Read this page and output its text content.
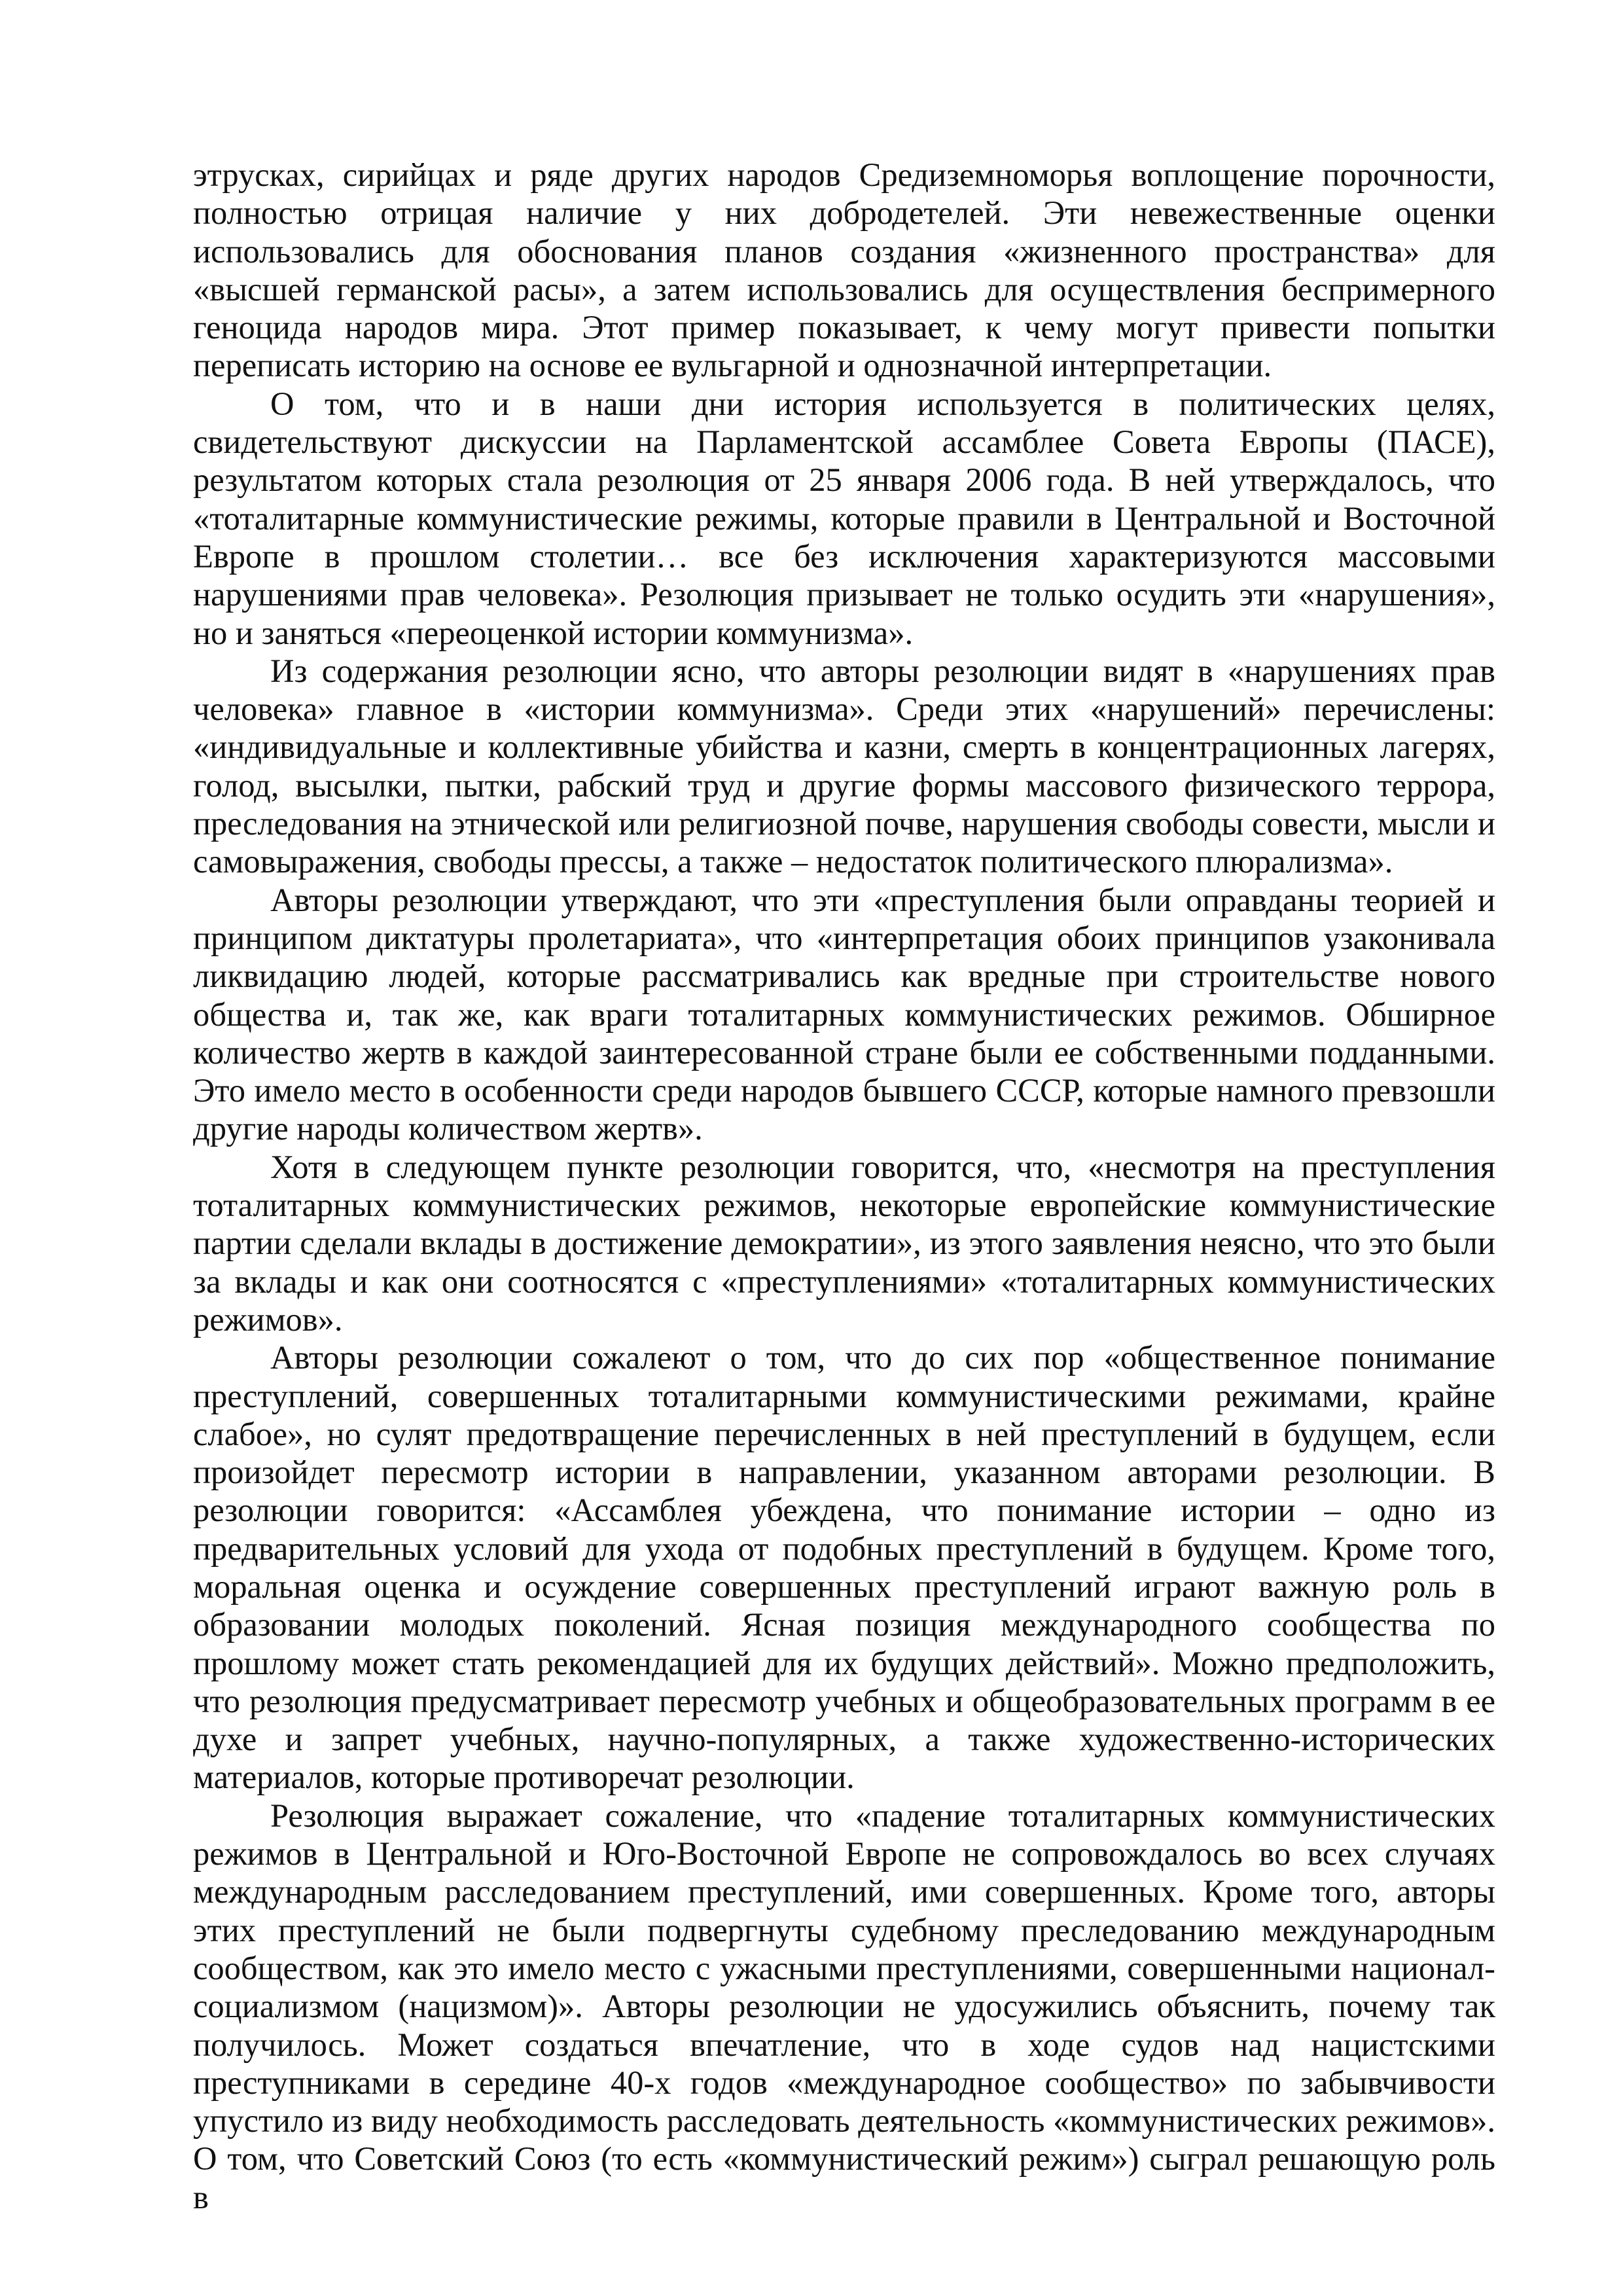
этрусках, сирийцах и ряде других народов Средиземноморья воплощение порочности, полностью отрицая наличие у них добродетелей. Эти невежественные оценки использовались для обоснования планов создания «жизненного пространства» для «высшей германской расы», а затем использовались для осуществления беспримерного геноцида народов мира. Этот пример показывает, к чему могут привести попытки переписать историю на основе ее вульгарной и однозначной интерпретации.

О том, что и в наши дни история используется в политических целях, свидетельствуют дискуссии на Парламентской ассамблее Совета Европы (ПАСЕ), результатом которых стала резолюция от 25 января 2006 года. В ней утверждалось, что «тоталитарные коммунистические режимы, которые правили в Центральной и Восточной Европе в прошлом столетии… все без исключения характеризуются массовыми нарушениями прав человека». Резолюция призывает не только осудить эти «нарушения», но и заняться «переоценкой истории коммунизма».

Из содержания резолюции ясно, что авторы резолюции видят в «нарушениях прав человека» главное в «истории коммунизма». Среди этих «нарушений» перечислены: «индивидуальные и коллективные убийства и казни, смерть в концентрационных лагерях, голод, высылки, пытки, рабский труд и другие формы массового физического террора, преследования на этнической или религиозной почве, нарушения свободы совести, мысли и самовыражения, свободы прессы, а также – недостаток политического плюрализма».

Авторы резолюции утверждают, что эти «преступления были оправданы теорией и принципом диктатуры пролетариата», что «интерпретация обоих принципов узаконивала ликвидацию людей, которые рассматривались как вредные при строительстве нового общества и, так же, как враги тоталитарных коммунистических режимов. Обширное количество жертв в каждой заинтересованной стране были ее собственными подданными. Это имело место в особенности среди народов бывшего СССР, которые намного превзошли другие народы количеством жертв».

Хотя в следующем пункте резолюции говорится, что, «несмотря на преступления тоталитарных коммунистических режимов, некоторые европейские коммунистические партии сделали вклады в достижение демократии», из этого заявления неясно, что это были за вклады и как они соотносятся с «преступлениями» «тоталитарных коммунистических режимов».

Авторы резолюции сожалеют о том, что до сих пор «общественное понимание преступлений, совершенных тоталитарными коммунистическими режимами, крайне слабое», но сулят предотвращение перечисленных в ней преступлений в будущем, если произойдет пересмотр истории в направлении, указанном авторами резолюции. В резолюции говорится: «Ассамблея убеждена, что понимание истории – одно из предварительных условий для ухода от подобных преступлений в будущем. Кроме того, моральная оценка и осуждение совершенных преступлений играют важную роль в образовании молодых поколений. Ясная позиция международного сообщества по прошлому может стать рекомендацией для их будущих действий». Можно предположить, что резолюция предусматривает пересмотр учебных и общеобразовательных программ в ее духе и запрет учебных, научно-популярных, а также художественно-исторических материалов, которые противоречат резолюции.

Резолюция выражает сожаление, что «падение тоталитарных коммунистических режимов в Центральной и Юго-Восточной Европе не сопровождалось во всех случаях международным расследованием преступлений, ими совершенных. Кроме того, авторы этих преступлений не были подвергнуты судебному преследованию международным сообществом, как это имело место с ужасными преступлениями, совершенными национал-социализмом (нацизмом)». Авторы резолюции не удосужились объяснить, почему так получилось. Может создаться впечатление, что в ходе судов над нацистскими преступниками в середине 40-х годов «международное сообщество» по забывчивости упустило из виду необходимость расследовать деятельность «коммунистических режимов». О том, что Советский Союз (то есть «коммунистический режим») сыграл решающую роль в
